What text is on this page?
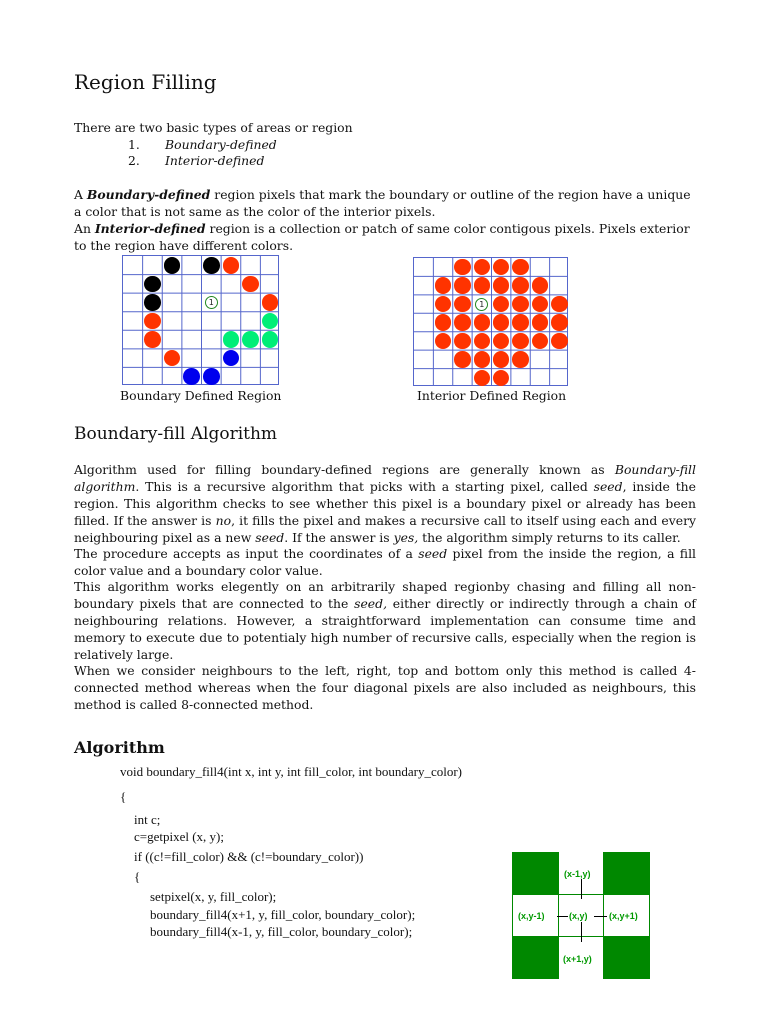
Region Filling
There are two basic types of areas or region
1. Boundary-defined
2. Interior-defined
A Boundary-defined region pixels that mark the boundary or outline of the region have a unique a color that is not same as the color of the interior pixels.
An Interior-defined region is a collection or patch of same color contigous pixels. Pixels exterior to the region have different colors.
1
Boundary Defined Region
1
Interior Defined Region
Boundary-fill Algorithm
Algorithm used for filling boundary-defined regions are generally known as Boundary-fill algorithm. This is a recursive algorithm that picks with a starting pixel, called seed, inside the region. This algorithm checks to see whether this pixel is a boundary pixel or already has been filled. If the answer is no, it fills the pixel and makes a recursive call to itself using each and every neighbouring pixel as a new seed. If the answer is yes, the algorithm simply returns to its caller.
The procedure accepts as input the coordinates of a seed pixel from the inside the region, a fill color value and a boundary color value.
This algorithm works elegently on an arbitrarily shaped regionby chasing and filling all non-boundary pixels that are connected to the seed, either directly or indirectly through a chain of neighbouring relations. However, a straightforward implementation can consume time and memory to execute due to potentialy high number of recursive calls, especially when the region is relatively large.
When we consider neighbours to the left, right, top and bottom only this method is called 4-connected method whereas when the four diagonal pixels are also included as neighbours, this method is called 8-connected method.
Algorithm
void boundary_fill4(int x, int y, int fill_color, int boundary_color)
{
int c;
c=getpixel (x, y);
if ((c!=fill_color) && (c!=boundary_color))
{
setpixel(x, y, fill_color);
boundary_fill4(x+1, y, fill_color, boundary_color);
boundary_fill4(x-1, y, fill_color, boundary_color);
(x-1,y)
(x,y-1)	(x,y) (x,y+1)
(x+1,y)
